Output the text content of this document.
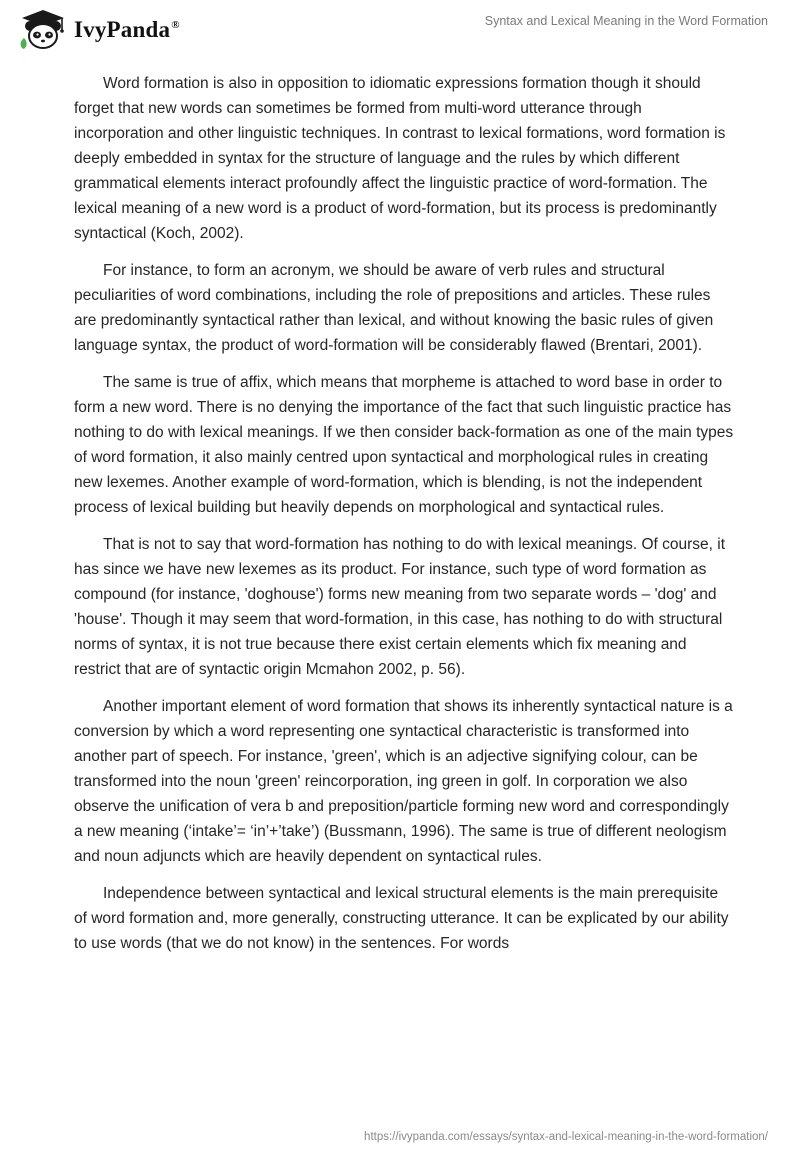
IvyPanda®	Syntax and Lexical Meaning in the Word Formation

Word formation is also in opposition to idiomatic expressions formation though it should forget that new words can sometimes be formed from multi-word utterance through incorporation and other linguistic techniques. In contrast to lexical formations, word formation is deeply embedded in syntax for the structure of language and the rules by which different grammatical elements interact profoundly affect the linguistic practice of word-formation. The lexical meaning of a new word is a product of word-formation, but its process is predominantly syntactical (Koch, 2002).

For instance, to form an acronym, we should be aware of verb rules and structural peculiarities of word combinations, including the role of prepositions and articles. These rules are predominantly syntactical rather than lexical, and without knowing the basic rules of given language syntax, the product of word-formation will be considerably flawed (Brentari, 2001).

The same is true of affix, which means that morpheme is attached to word base in order to form a new word. There is no denying the importance of the fact that such linguistic practice has nothing to do with lexical meanings. If we then consider back-formation as one of the main types of word formation, it also mainly centred upon syntactical and morphological rules in creating new lexemes. Another example of word-formation, which is blending, is not the independent process of lexical building but heavily depends on morphological and syntactical rules.

That is not to say that word-formation has nothing to do with lexical meanings. Of course, it has since we have new lexemes as its product. For instance, such type of word formation as compound (for instance, 'doghouse') forms new meaning from two separate words – 'dog' and 'house'. Though it may seem that word-formation, in this case, has nothing to do with structural norms of syntax, it is not true because there exist certain elements which fix meaning and restrict that are of syntactic origin Mcmahon 2002, p. 56).

Another important element of word formation that shows its inherently syntactical nature is a conversion by which a word representing one syntactical characteristic is transformed into another part of speech. For instance, 'green', which is an adjective signifying colour, can be transformed into the noun 'green' reincorporation, ing green in golf. In corporation we also observe the unification of vera b and preposition/particle forming new word and correspondingly a new meaning (‘intake’= ‘in’+’take’) (Bussmann, 1996). The same is true of different neologism and noun adjuncts which are heavily dependent on syntactical rules.

Independence between syntactical and lexical structural elements is the main prerequisite of word formation and, more generally, constructing utterance. It can be explicated by our ability to use words (that we do not know) in the sentences. For words

https://ivypanda.com/essays/syntax-and-lexical-meaning-in-the-word-formation/
